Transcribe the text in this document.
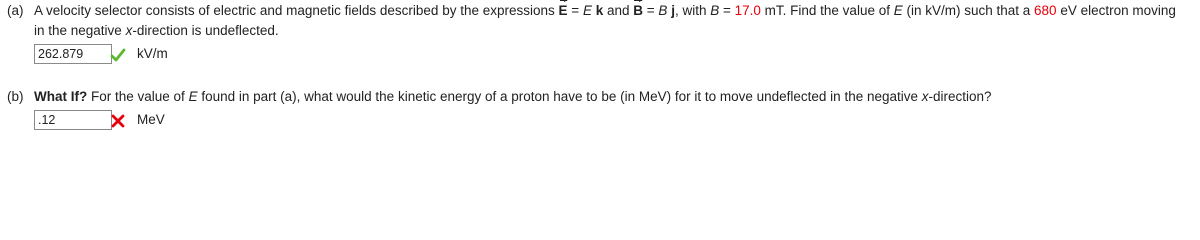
(a) A velocity selector consists of electric and magnetic fields described by the expressions E = E ^ k and B = B ^ j, with B = 17.0 mT. Find the value of E (in kV/m) such that a 680 eV electron moving
in the negative x-direction is undeflected.
262.879	kV/m
(b) What If? For the value of E found in part (a), what would the kinetic energy of a proton have to be (in MeV) for it to move undeflected in the negative x-direction?
.12	MeV
